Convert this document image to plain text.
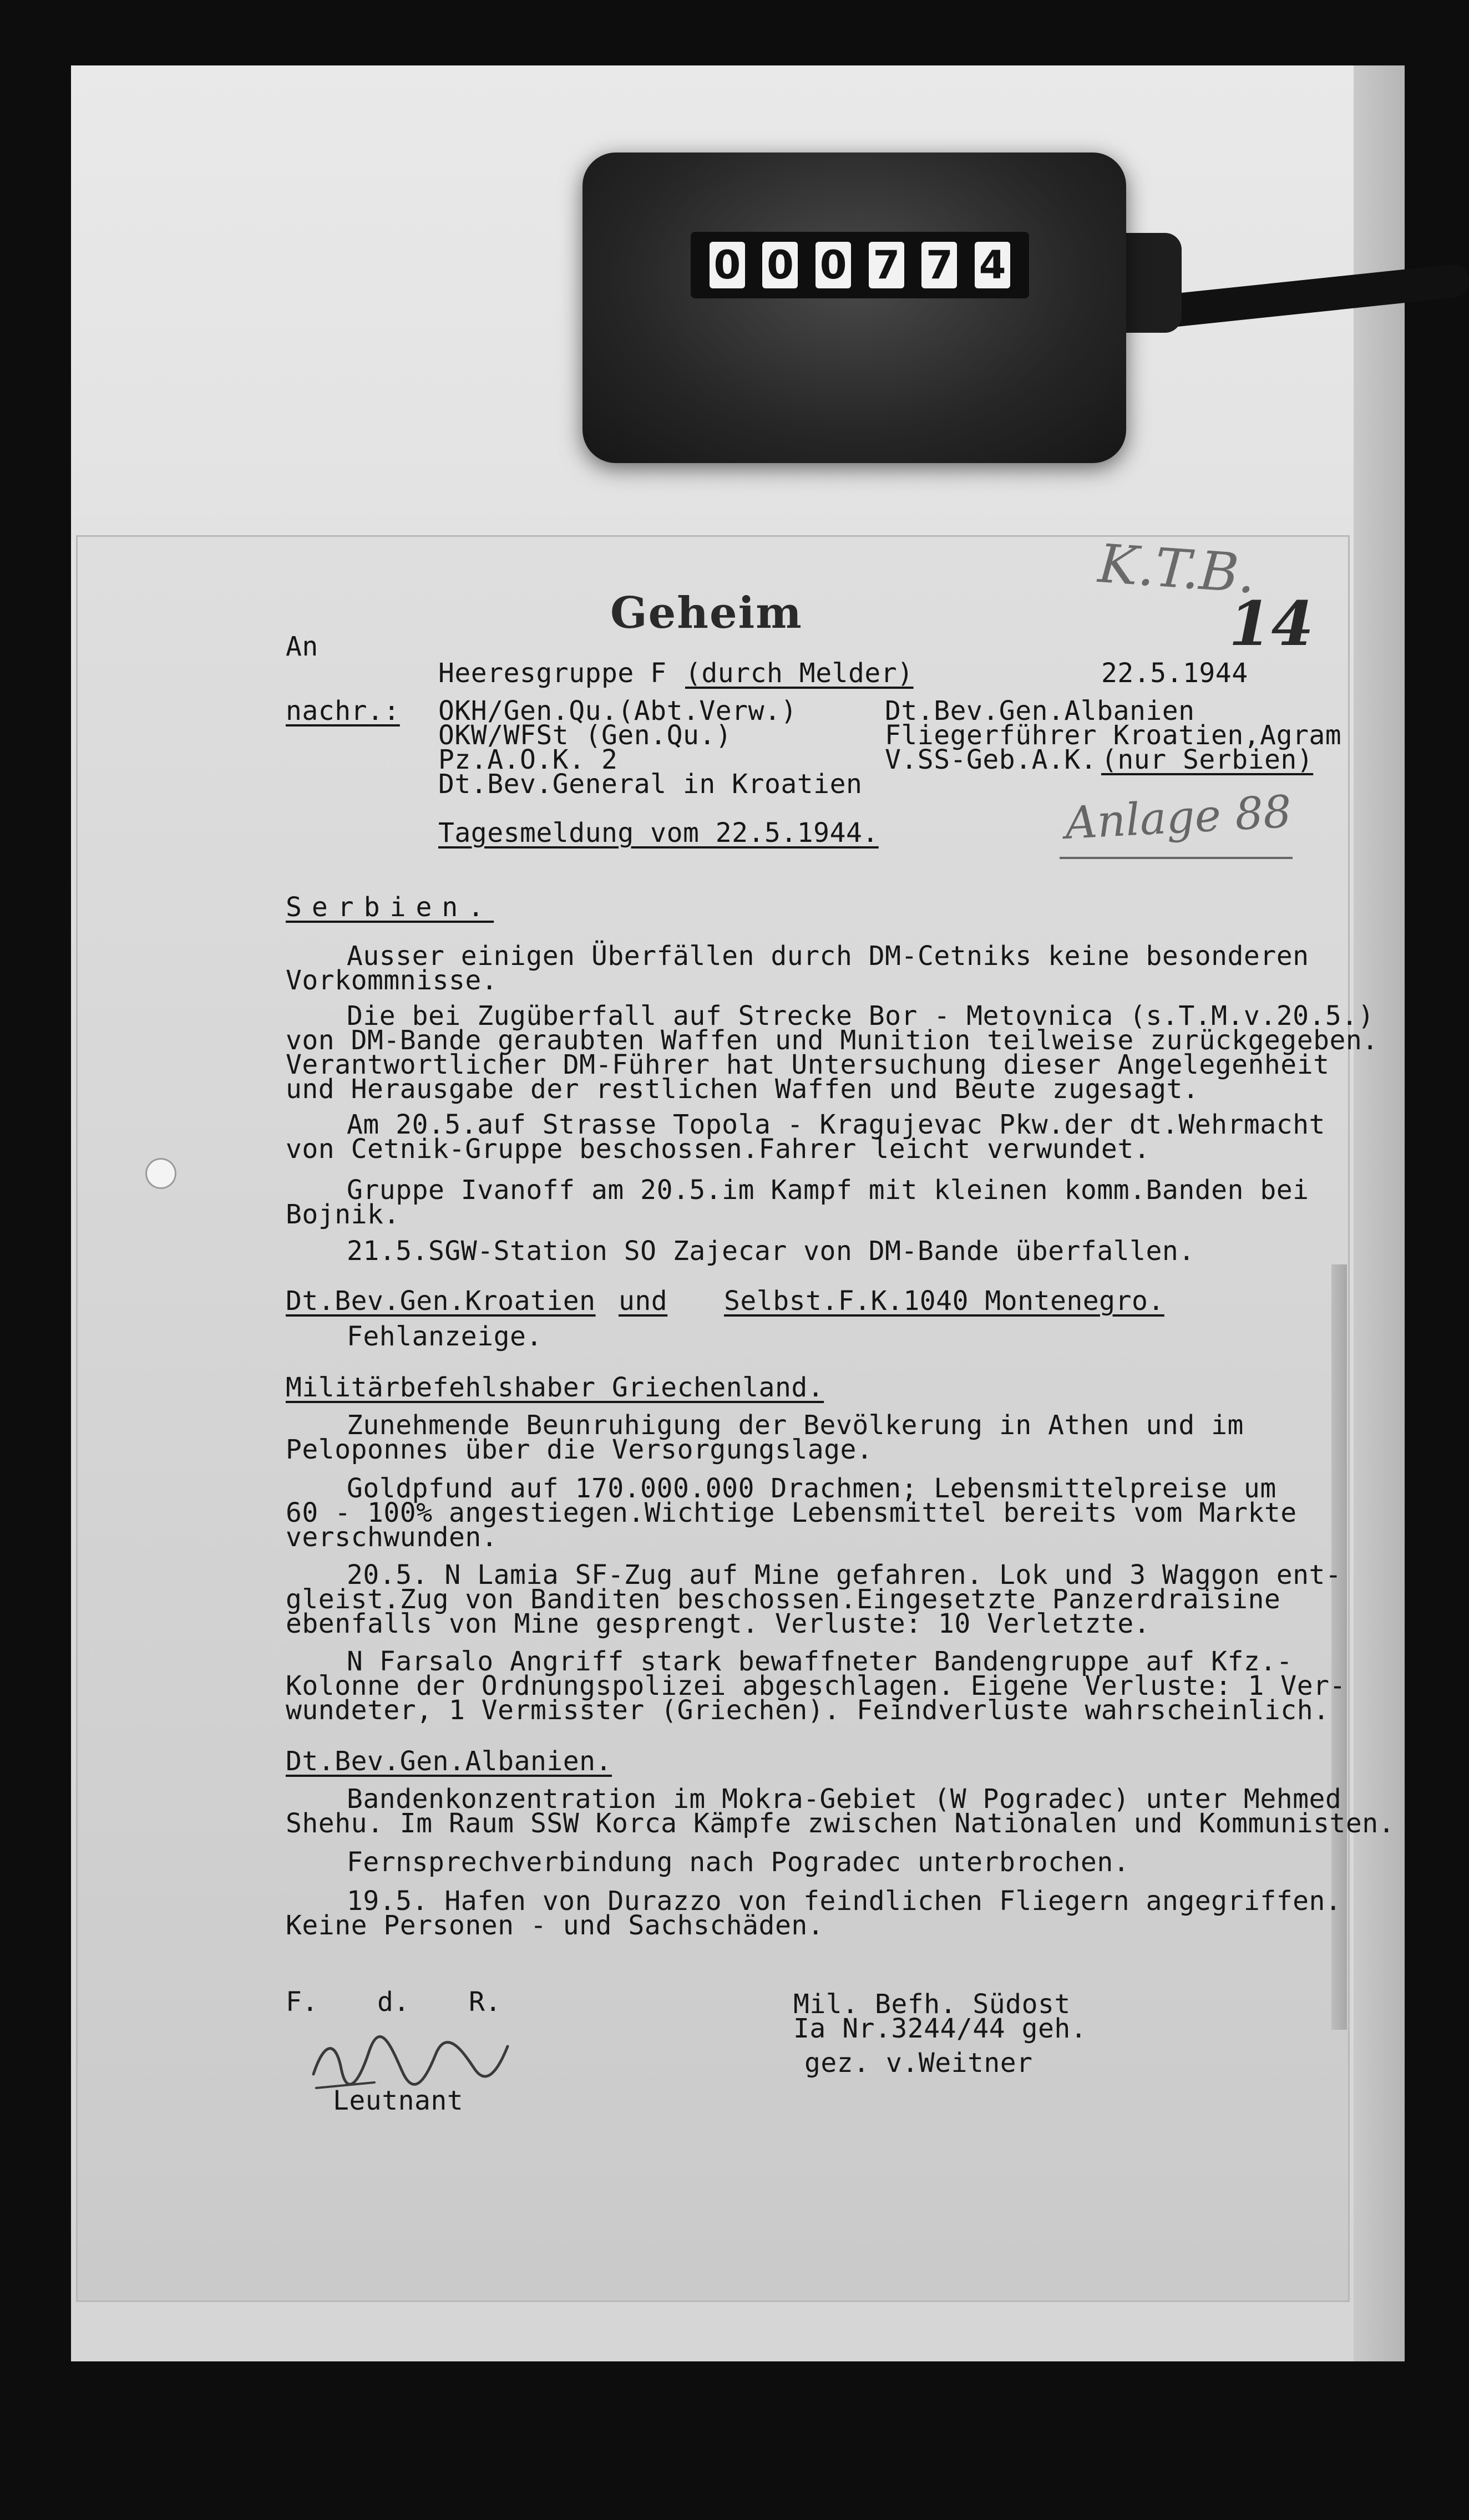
0 0 0 7 7 4
Geheim
K.T.B.
14
Anlage 88
An
Heeresgruppe F (durch Melder)	22.5.1944
nachr.: OKH/Gen.Qu.(Abt.Verw.)
OKW/WFSt (Gen.Qu.)
Pz.A.O.K. 2
Dt.Bev.General in Kroatien
Dt.Bev.Gen.Albanien
Fliegerführer Kroatien,Agram
V.SS-Geb.A.K. (nur Serbien)
Tagesmeldung vom 22.5.1944.
Serbien.
Ausser einigen Überfällen durch DM-Cetniks keine besonderen
Vorkommnisse.
Die bei Zugüberfall auf Strecke Bor - Metovnica (s.T.M.v.20.5.)
von DM-Bande geraubten Waffen und Munition teilweise zurückgegeben.
Verantwortlicher DM-Führer hat Untersuchung dieser Angelegenheit
und Herausgabe der restlichen Waffen und Beute zugesagt.
Am 20.5.auf Strasse Topola - Kragujevac Pkw.der dt.Wehrmacht
von Cetnik-Gruppe beschossen.Fahrer leicht verwundet.
Gruppe Ivanoff am 20.5.im Kampf mit kleinen komm.Banden bei
Bojnik.
21.5.SGW-Station SO Zajecar von DM-Bande überfallen.
Dt.Bev.Gen.Kroatien und Selbst.F.K.1040 Montenegro.
Fehlanzeige.
Militärbefehlshaber Griechenland.
Zunehmende Beunruhigung der Bevölkerung in Athen und im
Peloponnes über die Versorgungslage.
Goldpfund auf 170.000.000 Drachmen; Lebensmittelpreise um
60 - 100% angestiegen.Wichtige Lebensmittel bereits vom Markte
verschwunden.
20.5. N Lamia SF-Zug auf Mine gefahren. Lok und 3 Waggon ent-
gleist.Zug von Banditen beschossen.Eingesetzte Panzerdraisine
ebenfalls von Mine gesprengt. Verluste: 10 Verletzte.
N Farsalo Angriff stark bewaffneter Bandengruppe auf Kfz.-
Kolonne der Ordnungspolizei abgeschlagen. Eigene Verluste: 1 Ver-
wundeter, 1 Vermisster (Griechen). Feindverluste wahrscheinlich.
Dt.Bev.Gen.Albanien.
Bandenkonzentration im Mokra-Gebiet (W Pogradec) unter Mehmed
Shehu. Im Raum SSW Korca Kämpfe zwischen Nationalen und Kommunisten.
Fernsprechverbindung nach Pogradec unterbrochen.
19.5. Hafen von Durazzo von feindlichen Fliegern angegriffen.
Keine Personen - und Sachschäden.
F. d. R.
Leutnant
Mil. Befh. Südost
Ia Nr.3244/44 geh.
gez. v.Weitner
